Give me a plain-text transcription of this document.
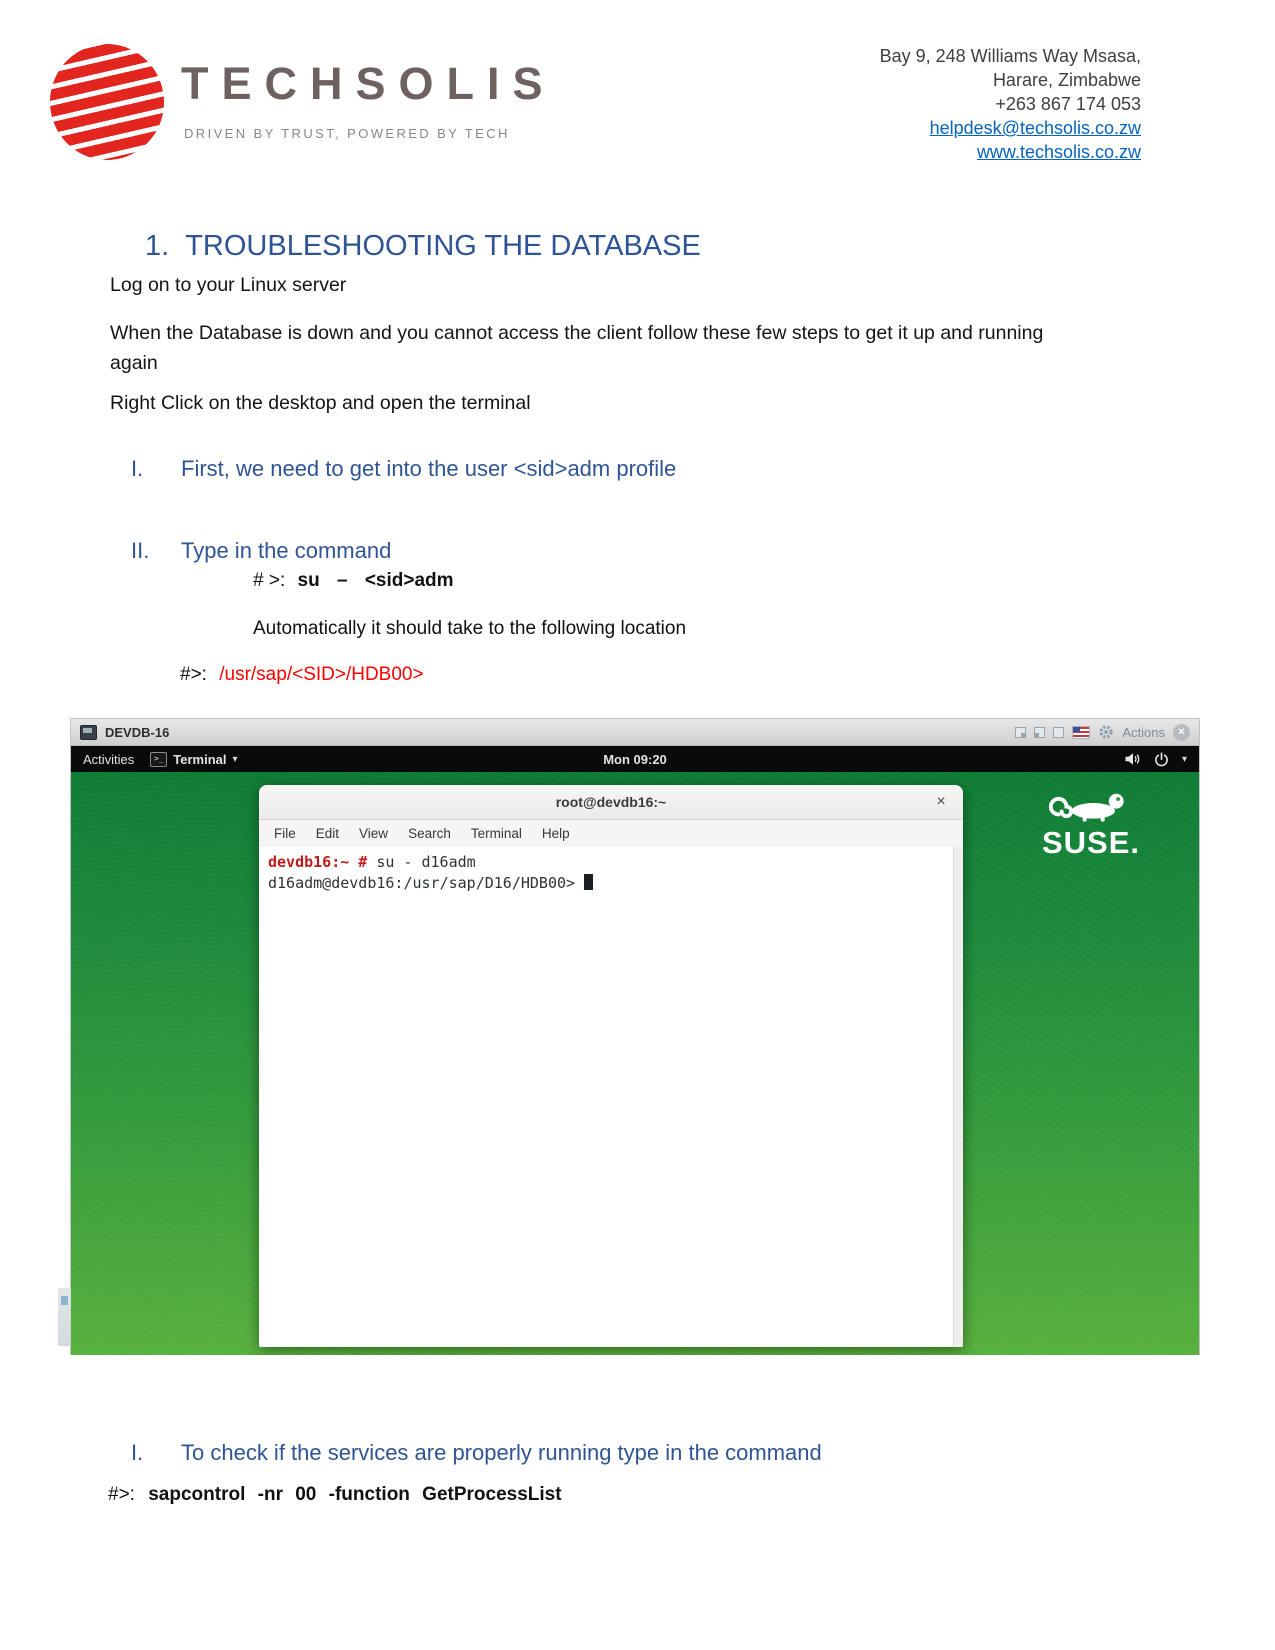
TECHSOLIS
DRIVEN BY TRUST, POWERED BY TECH
Bay 9, 248 Williams Way Msasa,
Harare, Zimbabwe
+263 867 174 053
helpdesk@techsolis.co.zw
www.techsolis.co.zw
1. TROUBLESHOOTING THE DATABASE
Log on to your Linux server
When the Database is down and you cannot access the client follow these few steps to get it up and running again
Right Click on the desktop and open the terminal
I.	First, we need to get into the user <sid>adm profile
II.	Type in the command
# >: su – <sid>adm
Automatically it should take to the following location
#>: /usr/sap/<SID>/HDB00>
DEVDB-16	Actions	×
Activities	>_ Terminal ▾	Mon 09:20	▾
SUSE.
root@devdb16:~	×
File	Edit	View	Search	Terminal	Help
devdb16:~ # su - d16adm
d16adm@devdb16:/usr/sap/D16/HDB00>
I.	To check if the services are properly running type in the command
#>: sapcontrol -nr 00 -function GetProcessList
